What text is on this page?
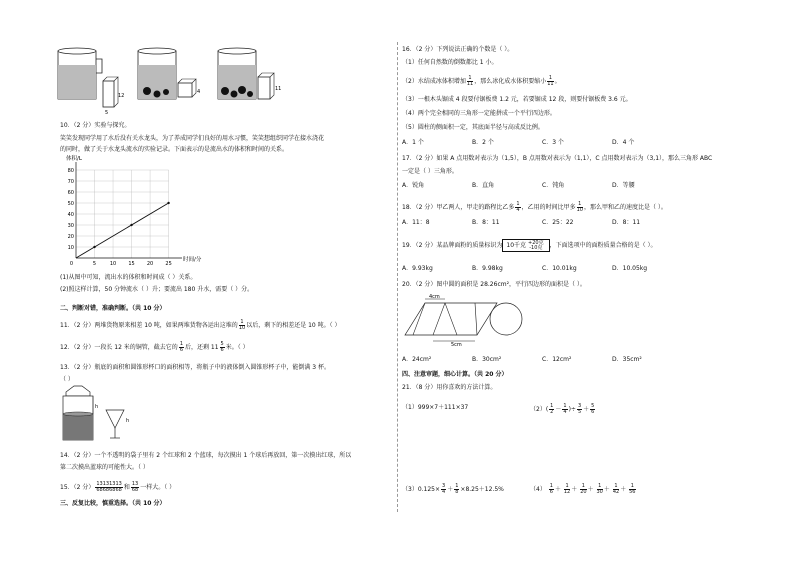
12
5
4	11
10．（2 分）实验与探究。
笑笑发现同学用了水后没有关水龙头，为了养成同学们良好的用水习惯，笑笑想组织同学在接水浇花
的同时，做了关于水龙头流水的实验记录。下面表示的是流出水的体积和时间的关系。
5	10 15 20 25
10
20
30
40
50
60
70
80
0
体积/L
时间/分
(1)从图中可知，流出水的体积和时间成（ ）关系。
(2)照这样计算，50 分钟流水（ ）升；要流出 180 升水，需要（ ）分。
二、判断对错，准确判断。（共 10 分）
11．（2 分）两堆货物原来相差 10 吨，如果两堆货物各运出这堆的 $\frac{1}{10}$ 以后，剩下的相差还是 10 吨。（ ）
12．（2 分）一段长 12 米的铜管，截去它的 $\frac{1}{6}$ 后，还剩 $11 \frac{5}{6}$ 米。（ ）
13．（2 分）瓶底的面积和圆锥形杯口的面积相等，将瓶子中的液体倒入圆锥形杯子中，能倒满 3 杯。
（ ）
h
h
14．（2 分）一个不透明的袋子里有 2 个红球和 2 个蓝球，每次摸出 1 个球后再放回，第一次摸出红球，所以
第二次摸出蓝球的可能性大。（ ）
15．（2 分） $\frac{13131313}{68686868}$ 和 $\frac{13}{68}$ 一样大。（ ）
三、反复比较，慎重选择。（共 10 分）
16．（2 分）下列说法正确的个数是（ ）。
（1）任何自然数的倒数都比 1 小。
（2）水结成冰体积增加 $\frac{1}{11}$ ，那么冰化成水体积要缩小 $\frac{1}{11}$ 。
（3）一根木头锯成 4 段要付锯板费 1.2 元，若要锯成 12 段，则要付锯板费 3.6 元。
（4）两个完全相同的三角形一定能拼成一个平行四边形。
（5）圆柱的侧面积一定，其底面半径与高成反比例。
A．1 个	B．2 个	C．3 个	D．4 个
17．（2 分）如果 A 点用数对表示为（1,5），B 点用数对表示为（1,1），C 点用数对表示为（3,1），那么三角形 ABC
一定是（ ）三角形。
A．锐角	B．直角	C．钝角	D．等腰
18．（2 分）甲乙两人，甲走的路程比乙多 $\frac{1}{4}$ ，乙用的时间比甲多 $\frac{1}{10}$ ，那么甲和乙的速度比是（ ）。
A．11：8	B．8：11	C．25：22	D．8：11
19．（2 分）某品牌面粉的质量标识为 10千克 +20克
-10克	，下面选项中的面粉质量合格的是（ ）。
A．9.93kg	B．9.98kg	C．10.01kg	D．10.05kg
20．（2 分）图中圆的面积是 28.26cm²，平行四边形的面积是（ ）。
4cm
5cm
A．24cm²	B．30cm²	C．12cm²	D．35cm²
四、注意审题，细心计算。（共 20 分）
21．（8 分）用你喜欢的方法计算。
（1）999×7＋111×37	$(2)( \frac{1}{2} - \frac{1}{4}$ )÷ $\frac{3}{5} + \frac{5}{6}$
$(3)0.125\times \frac{3}{4} + \frac{1}{8} \times 8.25+12.5\%$	$(4) \frac{1}{6} + \frac{1}{12} + \frac{1}{20} + \frac{1}{30} + \frac{1}{42} + \frac{1}{56}$
